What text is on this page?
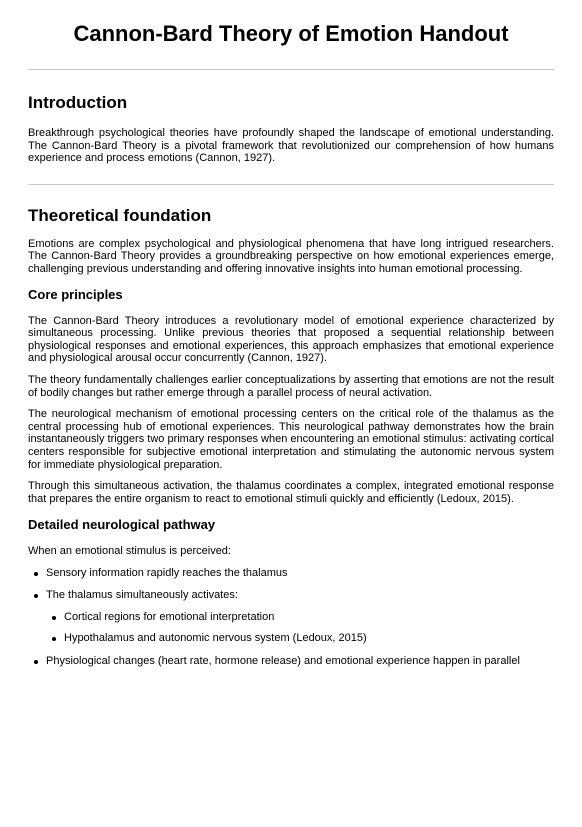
Cannon-Bard Theory of Emotion Handout
Introduction

Breakthrough psychological theories have profoundly shaped the landscape of emotional understanding. The Cannon-Bard Theory is a pivotal framework that revolutionized our comprehension of how humans experience and process emotions (Cannon, 1927).

Theoretical foundation

Emotions are complex psychological and physiological phenomena that have long intrigued researchers. The Cannon-Bard Theory provides a groundbreaking perspective on how emotional experiences emerge, challenging previous understanding and offering innovative insights into human emotional processing.

Core principles

The Cannon-Bard Theory introduces a revolutionary model of emotional experience characterized by simultaneous processing. Unlike previous theories that proposed a sequential relationship between physiological responses and emotional experiences, this approach emphasizes that emotional experience and physiological arousal occur concurrently (Cannon, 1927).

The theory fundamentally challenges earlier conceptualizations by asserting that emotions are not the result of bodily changes but rather emerge through a parallel process of neural activation.

The neurological mechanism of emotional processing centers on the critical role of the thalamus as the central processing hub of emotional experiences. This neurological pathway demonstrates how the brain instantaneously triggers two primary responses when encountering an emotional stimulus: activating cortical centers responsible for subjective emotional interpretation and stimulating the autonomic nervous system for immediate physiological preparation.

Through this simultaneous activation, the thalamus coordinates a complex, integrated emotional response that prepares the entire organism to react to emotional stimuli quickly and efficiently (Ledoux, 2015).

Detailed neurological pathway

When an emotional stimulus is perceived:

Sensory information rapidly reaches the thalamus
The thalamus simultaneously activates:
Cortical regions for emotional interpretation
Hypothalamus and autonomic nervous system (Ledoux, 2015)
Physiological changes (heart rate, hormone release) and emotional experience happen in parallel
